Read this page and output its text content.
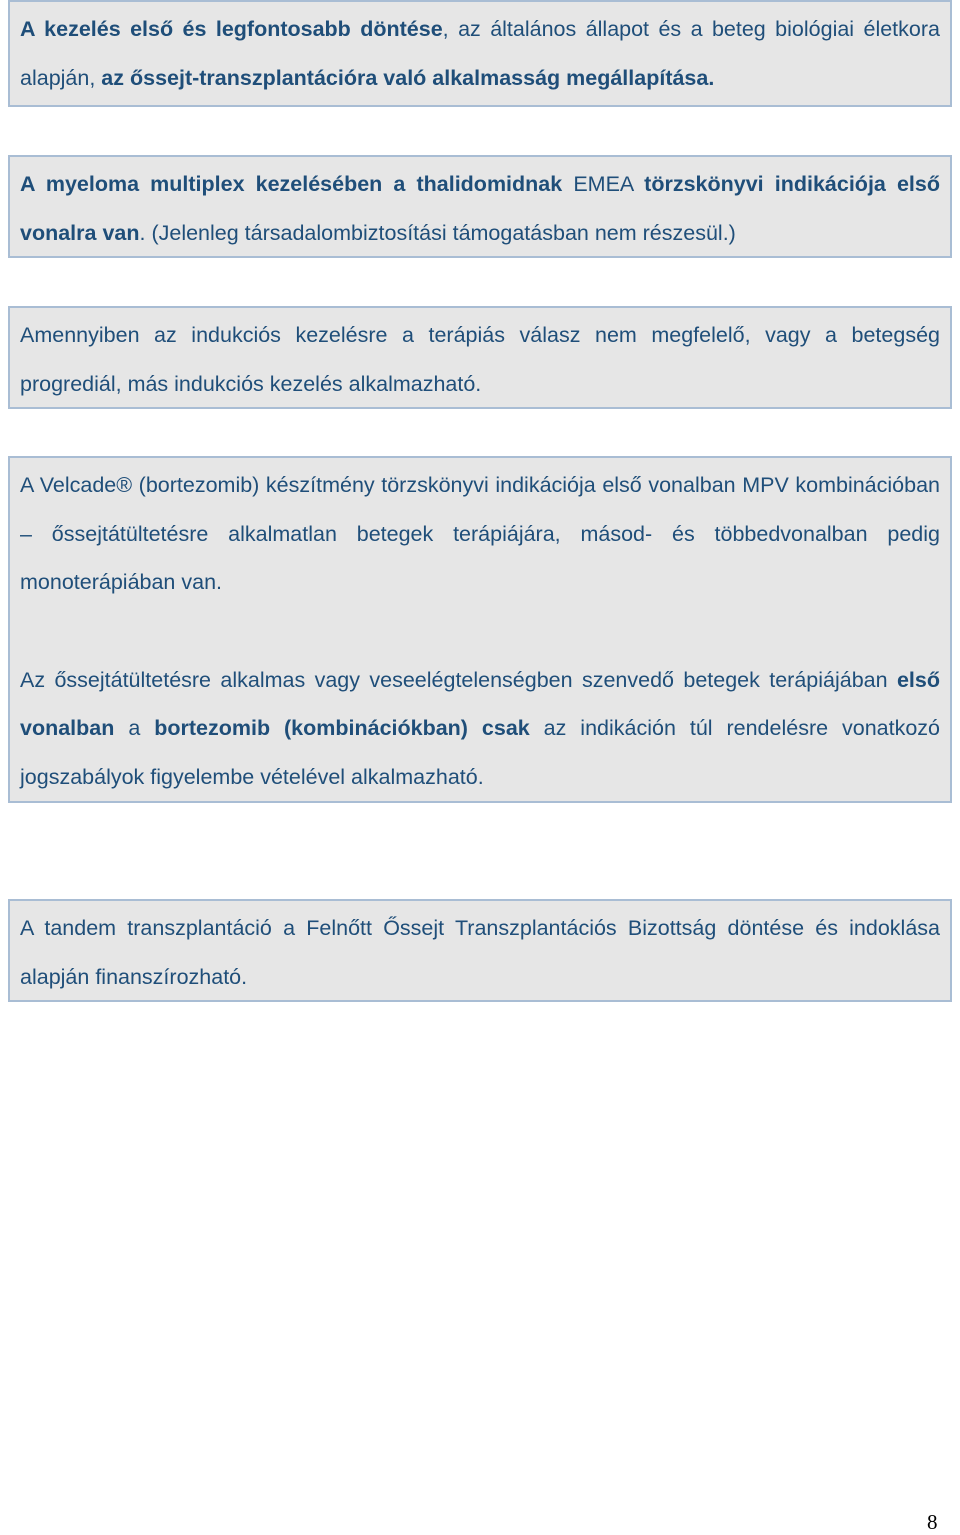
A kezelés első és legfontosabb döntése, az általános állapot és a beteg biológiai életkora alapján, az őssejt-transzplantációra való alkalmasság megállapítása.

A myeloma multiplex kezelésében a thalidomidnak EMEA törzskönyvi indikációja első vonalra van. (Jelenleg társadalombiztosítási támogatásban nem részesül.)

Amennyiben az indukciós kezelésre a terápiás válasz nem megfelelő, vagy a betegség progrediál, más indukciós kezelés alkalmazható.

A Velcade® (bortezomib) készítmény törzskönyvi indikációja első vonalban MPV kombinációban – őssejtátültetésre alkalmatlan betegek terápiájára, másod- és többedvonalban pedig monoterápiában van.

Az őssejtátültetésre alkalmas vagy veseelégtelenségben szenvedő betegek terápiájában első vonalban a bortezomib (kombinációkban) csak az indikáción túl rendelésre vonatkozó jogszabályok figyelembe vételével alkalmazható.

A tandem transzplantáció a Felnőtt Őssejt Transzplantációs Bizottság döntése és indoklása alapján finanszírozható.

8
